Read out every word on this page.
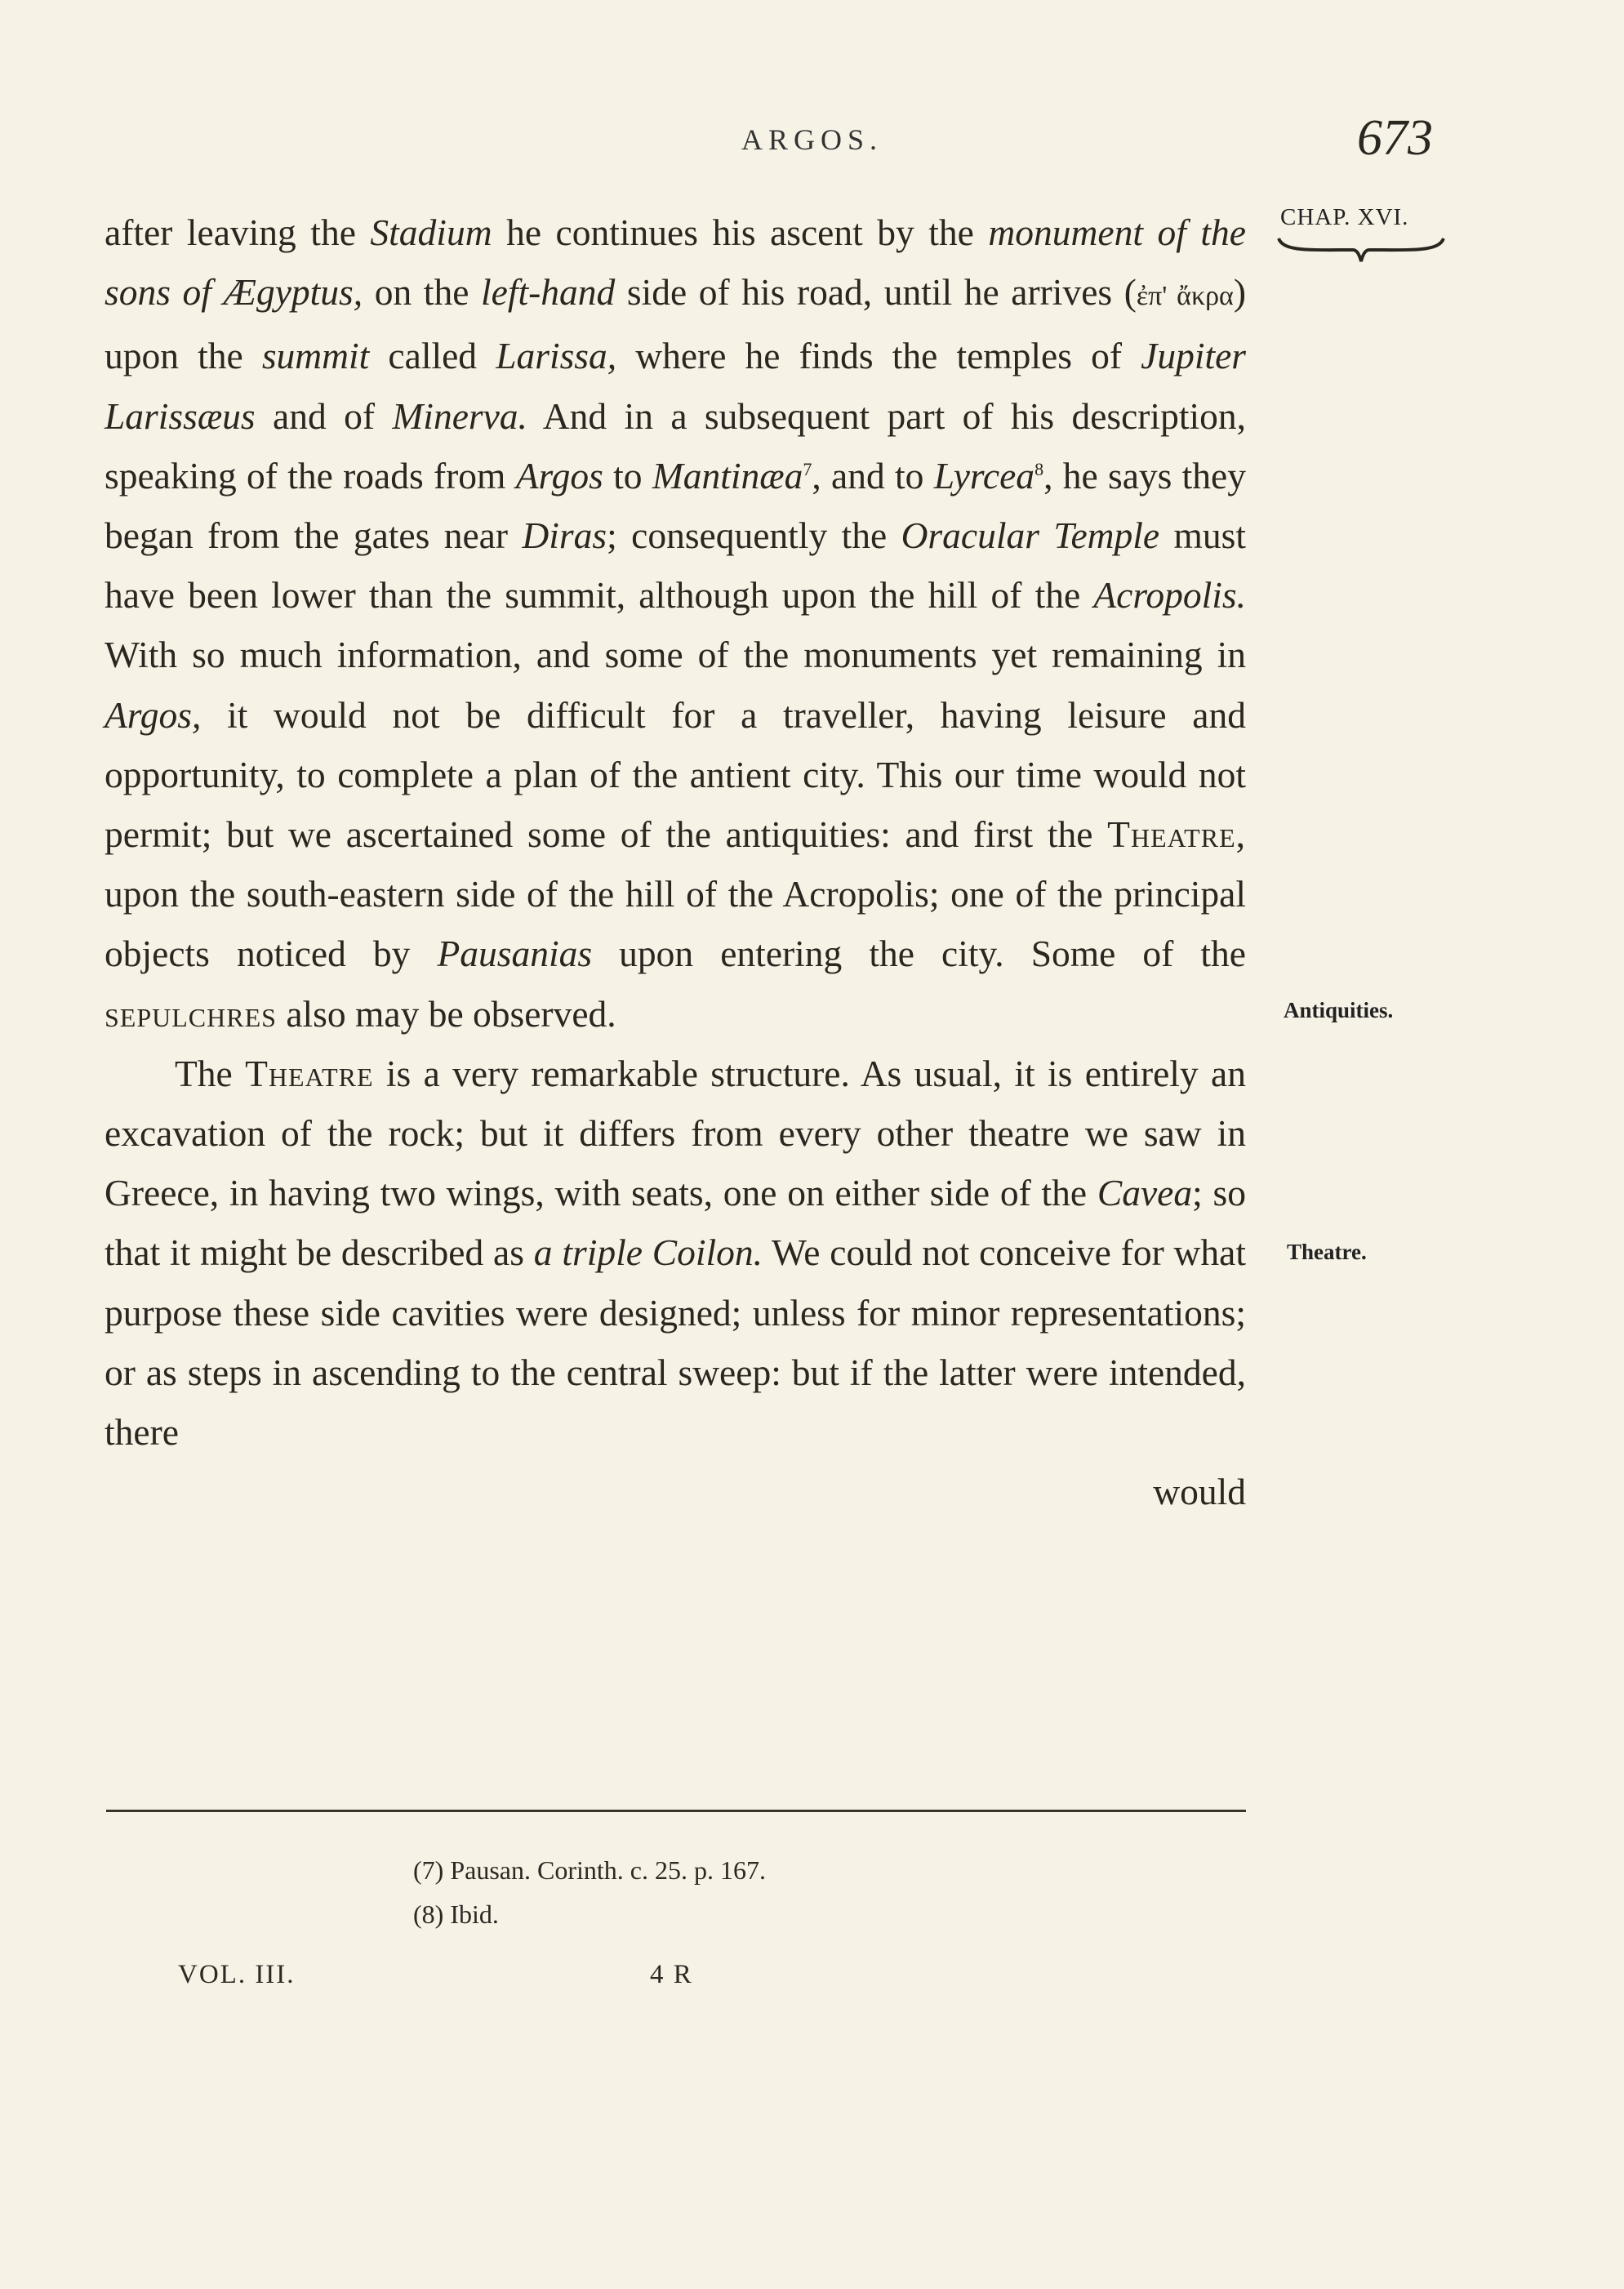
ARGOS.	673
CHAP. XVI.
Antiquities.
Theatre.

after leaving the Stadium he continues his ascent by the monument of the sons of Ægyptus, on the left-hand side of his road, until he arrives (ἐπ' ἄκρα) upon the summit called Larissa, where he finds the temples of Jupiter Larissæus and of Minerva. And in a subsequent part of his description, speaking of the roads from Argos to Mantinæa$^7$, and to Lyrcea$^8$, he says they began from the gates near Diras; consequently the Oracular Temple must have been lower than the summit, although upon the hill of the Acropolis. With so much information, and some of the monuments yet remaining in Argos, it would not be difficult for a traveller, having leisure and opportunity, to complete a plan of the antient city. This our time would not permit; but we ascertained some of the antiquities: and first the Theatre, upon the south-eastern side of the hill of the Acropolis; one of the principal objects noticed by Pausanias upon entering the city. Some of the sepulchres also may be observed.

The Theatre is a very remarkable structure. As usual, it is entirely an excavation of the rock; but it differs from every other theatre we saw in Greece, in having two wings, with seats, one on either side of the Cavea; so that it might be described as a triple Coilon. We could not conceive for what purpose these side cavities were designed; unless for minor representations; or as steps in ascending to the central sweep: but if the latter were intended, there

would

(7) Pausan. Corinth. c. 25. p. 167.
(8) Ibid.
VOL. III.	4 R
